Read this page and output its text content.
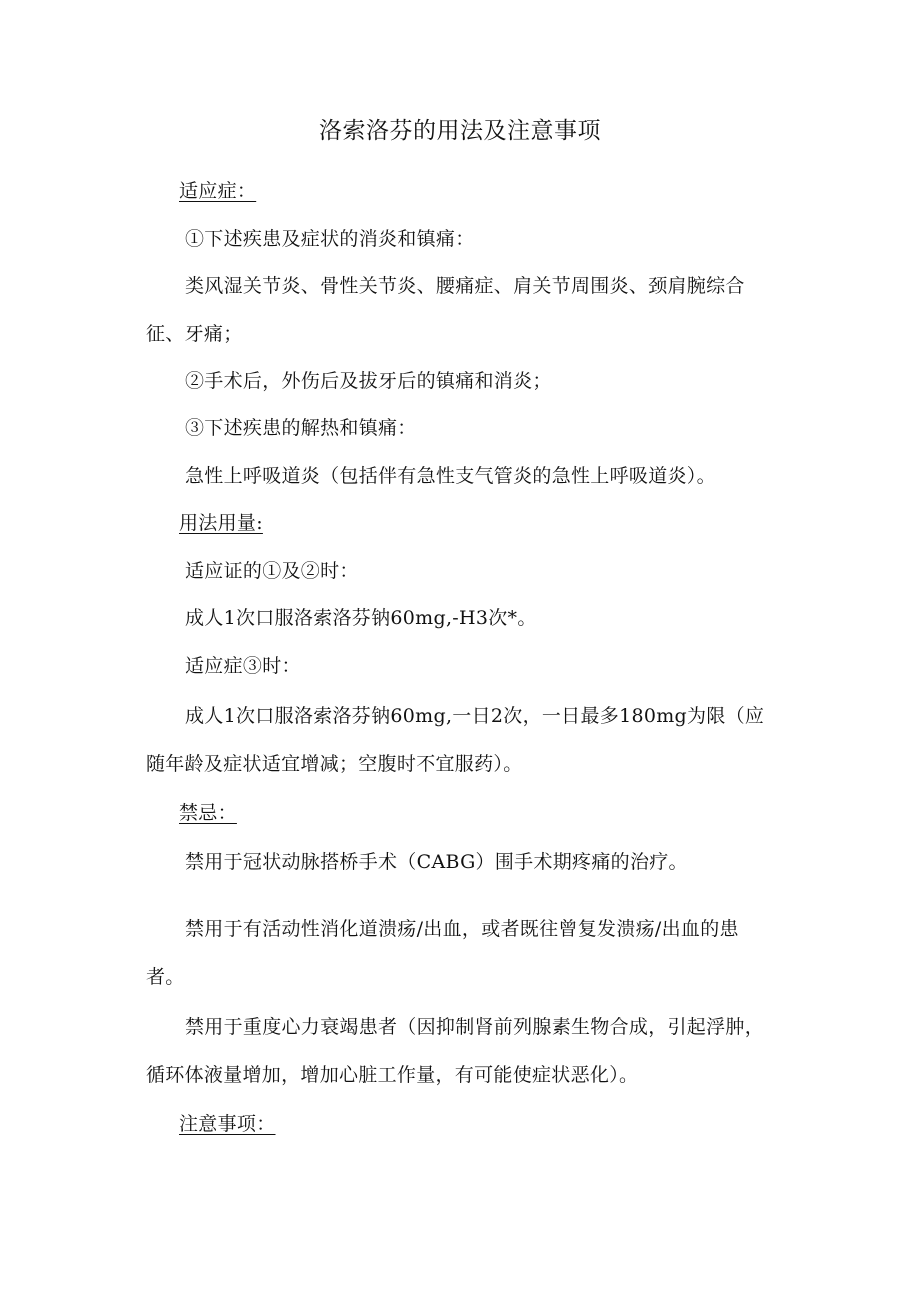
洛索洛芬的用法及注意事项
适应症：
①下述疾患及症状的消炎和镇痛：
类风湿关节炎、骨性关节炎、腰痛症、肩关节周围炎、颈肩腕综合
征、牙痛；
②手术后，外伤后及拔牙后的镇痛和消炎；
③下述疾患的解热和镇痛：
急性上呼吸道炎（包括伴有急性支气管炎的急性上呼吸道炎）。
用法用量:
适应证的①及②时：
成人1次口服洛索洛芬钠60mg,-H3次*。
适应症③时：
成人1次口服洛索洛芬钠60mg,一日2次，一日最多180mg为限（应
随年龄及症状适宜增减；空腹时不宜服药）。
禁忌：
禁用于冠状动脉搭桥手术（CABG）围手术期疼痛的治疗。
禁用于有活动性消化道溃疡/出血，或者既往曾复发溃疡/出血的患
者。
禁用于重度心力衰竭患者（因抑制肾前列腺素生物合成，引起浮肿，
循环体液量增加，增加心脏工作量，有可能使症状恶化）。
注意事项：
